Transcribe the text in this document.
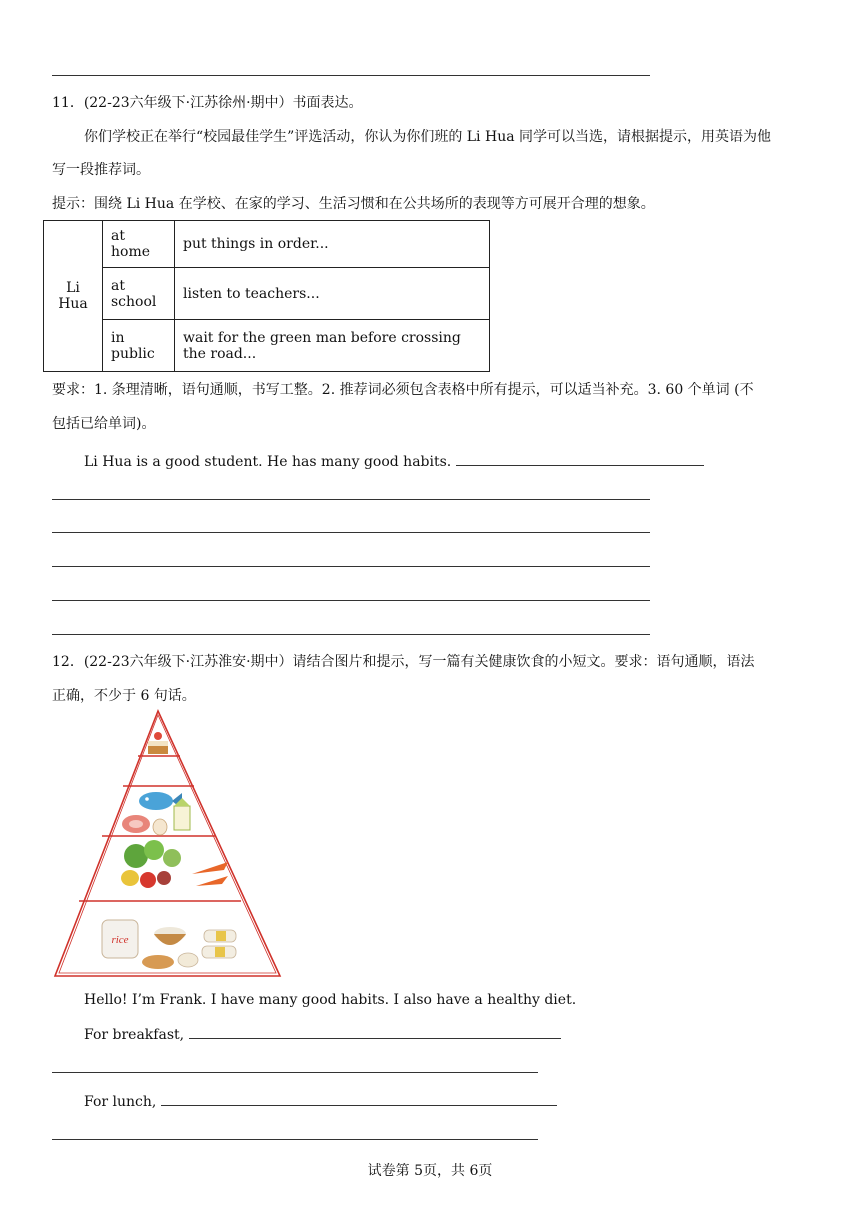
11．(22-23六年级下·江苏徐州·期中）书面表达。
你们学校正在举行“校园最佳学生”评选活动，你认为你们班的 Li Hua 同学可以当选，请根据提示，用英语为他
写一段推荐词。
提示：围绕 Li Hua 在学校、在家的学习、生活习惯和在公共场所的表现等方可展开合理的想象。
Li Hua	at home	put things in order...
	at school	listen to teachers...
	in public	wait for the green man before crossing the road...
要求：1. 条理清晰，语句通顺，书写工整。2. 推荐词必须包含表格中所有提示，可以适当补充。3. 60 个单词 (不
包括已给单词)。
Li Hua is a good student. He has many good habits.
12．(22-23六年级下·江苏淮安·期中）请结合图片和提示，写一篇有关健康饮食的小短文。要求：语句通顺，语法
正确，不少于 6 句话。
rice
Hello! I’m Frank. I have many good habits. I also have a healthy diet.
For breakfast,
For lunch,
试卷第 5页，共 6页
